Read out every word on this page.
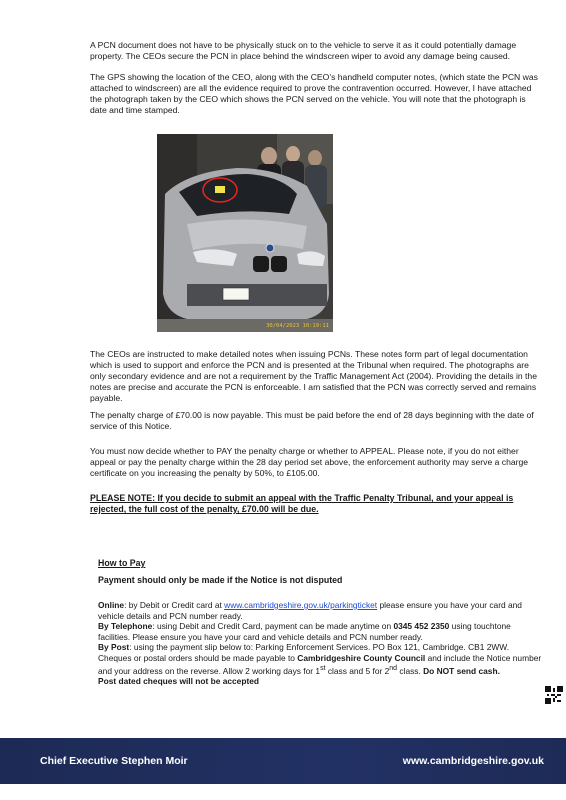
A PCN document does not have to be physically stuck on to the vehicle to serve it as it could potentially damage property. The CEOs secure the PCN in place behind the windscreen wiper to avoid any damage being caused.

The GPS showing the location of the CEO, along with the CEO’s handheld computer notes, (which state the PCN was attached to windscreen) are all the evidence required to prove the contravention occurred. However, I have attached the photograph taken by the CEO which shows the PCN served on the vehicle. You will note that the photograph is date and time stamped.

30/04/2023 10:19:11

The CEOs are instructed to make detailed notes when issuing PCNs. These notes form part of legal documentation which is used to support and enforce the PCN and is presented at the Tribunal when required. The photographs are only secondary evidence and are not a requirement by the Traffic Management Act (2004). Providing the details in the notes are precise and accurate the PCN is enforceable. I am satisfied that the PCN was correctly served and remains payable.

The penalty charge of £70.00 is now payable. This must be paid before the end of 28 days beginning with the date of service of this Notice.

You must now decide whether to PAY the penalty charge or whether to APPEAL. Please note, if you do not either appeal or pay the penalty charge within the 28 day period set above, the enforcement authority may serve a charge certificate on you increasing the penalty by 50%, to £105.00.

PLEASE NOTE: If you decide to submit an appeal with the Traffic Penalty Tribunal, and your appeal is rejected, the full cost of the penalty, £70.00 will be due.

How to Pay

Payment should only be made if the Notice is not disputed

Online: by Debit or Credit card at www.cambridgeshire.gov.uk/parkingticket please ensure you have your card and vehicle details and PCN number ready.
By Telephone: using Debit and Credit Card, payment can be made anytime on 0345 452 2350 using touchtone facilities. Please ensure you have your card and vehicle details and PCN number ready.
By Post: using the payment slip below to: Parking Enforcement Services. PO Box 121, Cambridge. CB1 2WW. Cheques or postal orders should be made payable to Cambridgeshire County Council and include the Notice number and your address on the reverse. Allow 2 working days for 1st class and 5 for 2nd class. Do NOT send cash.
Post dated cheques will not be accepted
Chief Executive Stephen Moir	www.cambridgeshire.gov.uk
